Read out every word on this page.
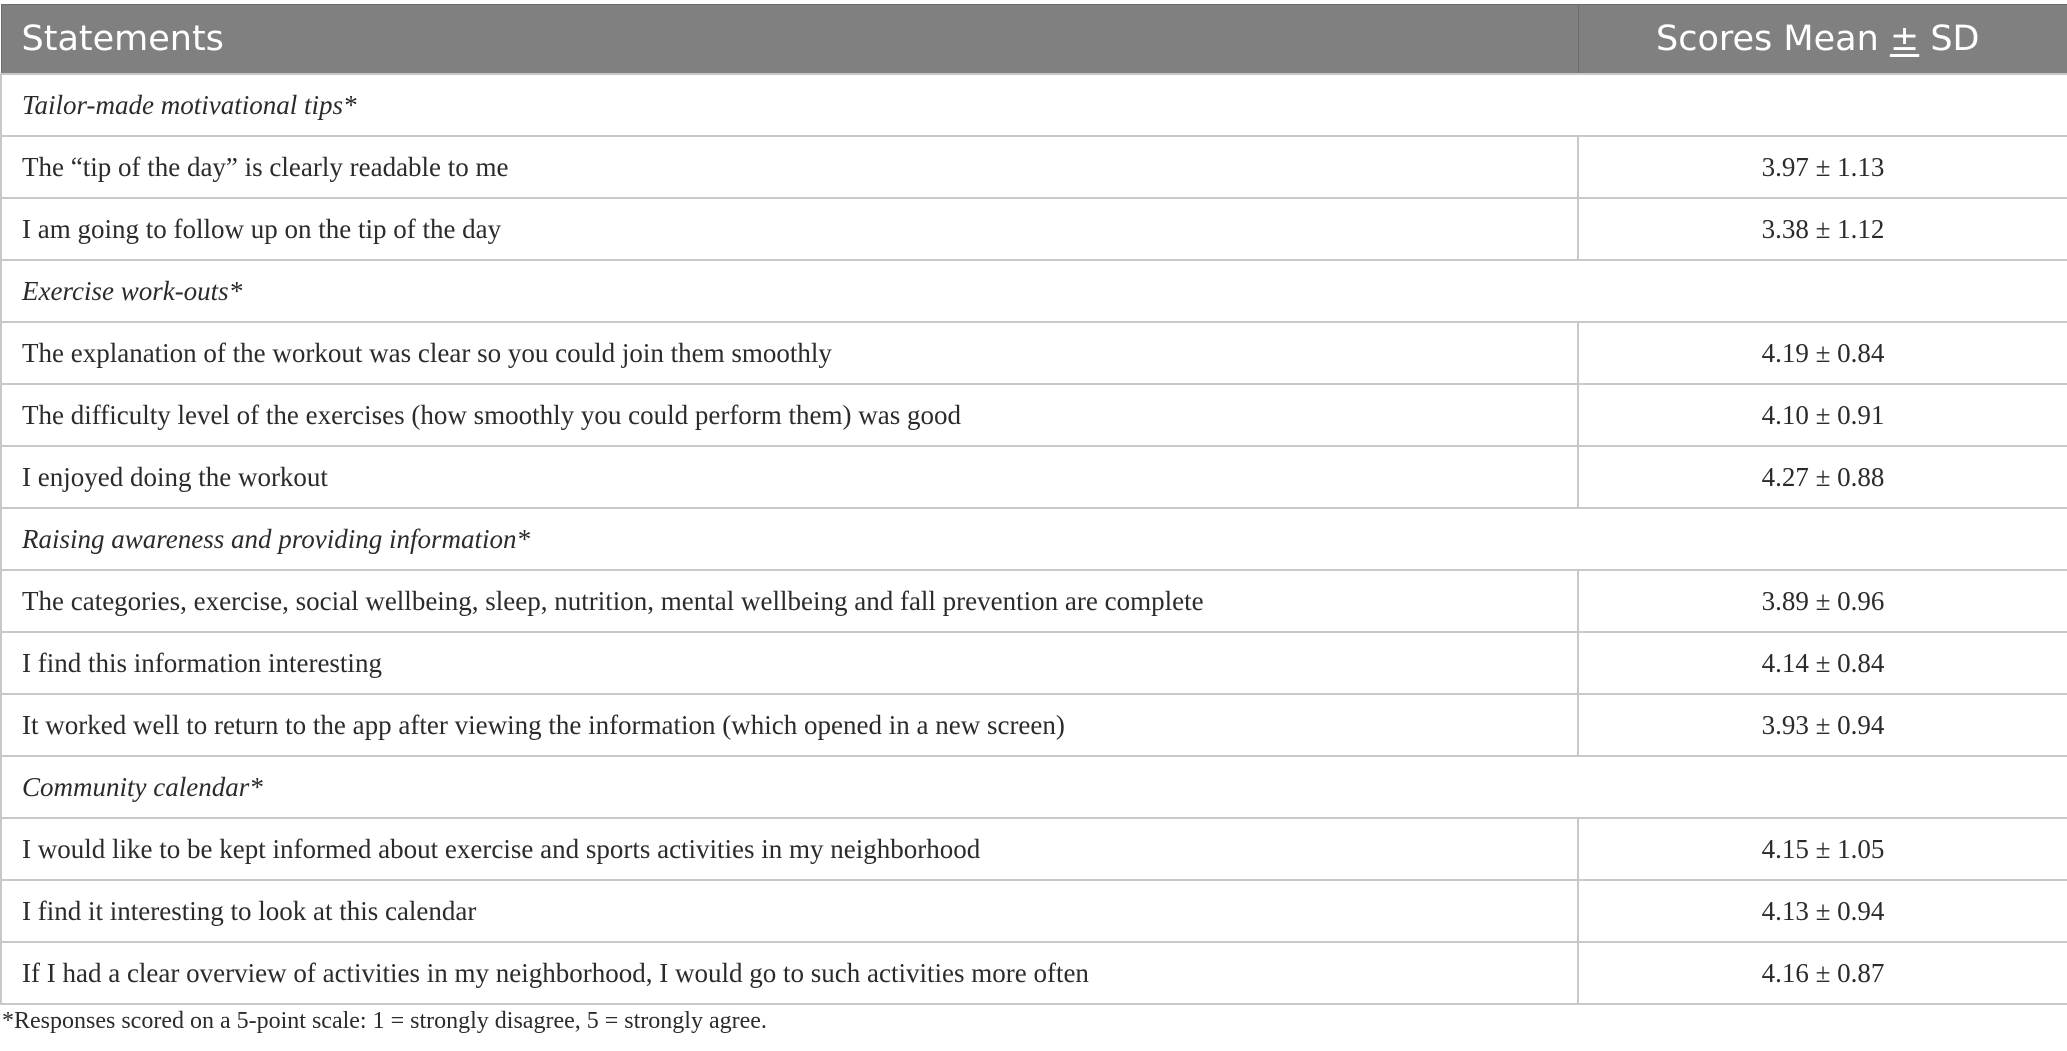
Statements	Scores Mean ± SD
Tailor-made motivational tips*	
The “tip of the day” is clearly readable to me	3.97 ± 1.13
I am going to follow up on the tip of the day	3.38 ± 1.12
Exercise work-outs*	
The explanation of the workout was clear so you could join them smoothly	4.19 ± 0.84
The difficulty level of the exercises (how smoothly you could perform them) was good	4.10 ± 0.91
I enjoyed doing the workout	4.27 ± 0.88
Raising awareness and providing information*	
The categories, exercise, social wellbeing, sleep, nutrition, mental wellbeing and fall prevention are complete	3.89 ± 0.96
I find this information interesting	4.14 ± 0.84
It worked well to return to the app after viewing the information (which opened in a new screen)	3.93 ± 0.94
Community calendar*	
I would like to be kept informed about exercise and sports activities in my neighborhood	4.15 ± 1.05
I find it interesting to look at this calendar	4.13 ± 0.94
If I had a clear overview of activities in my neighborhood, I would go to such activities more often	4.16 ± 0.87
*Responses scored on a 5-point scale: 1 = strongly disagree, 5 = strongly agree.
